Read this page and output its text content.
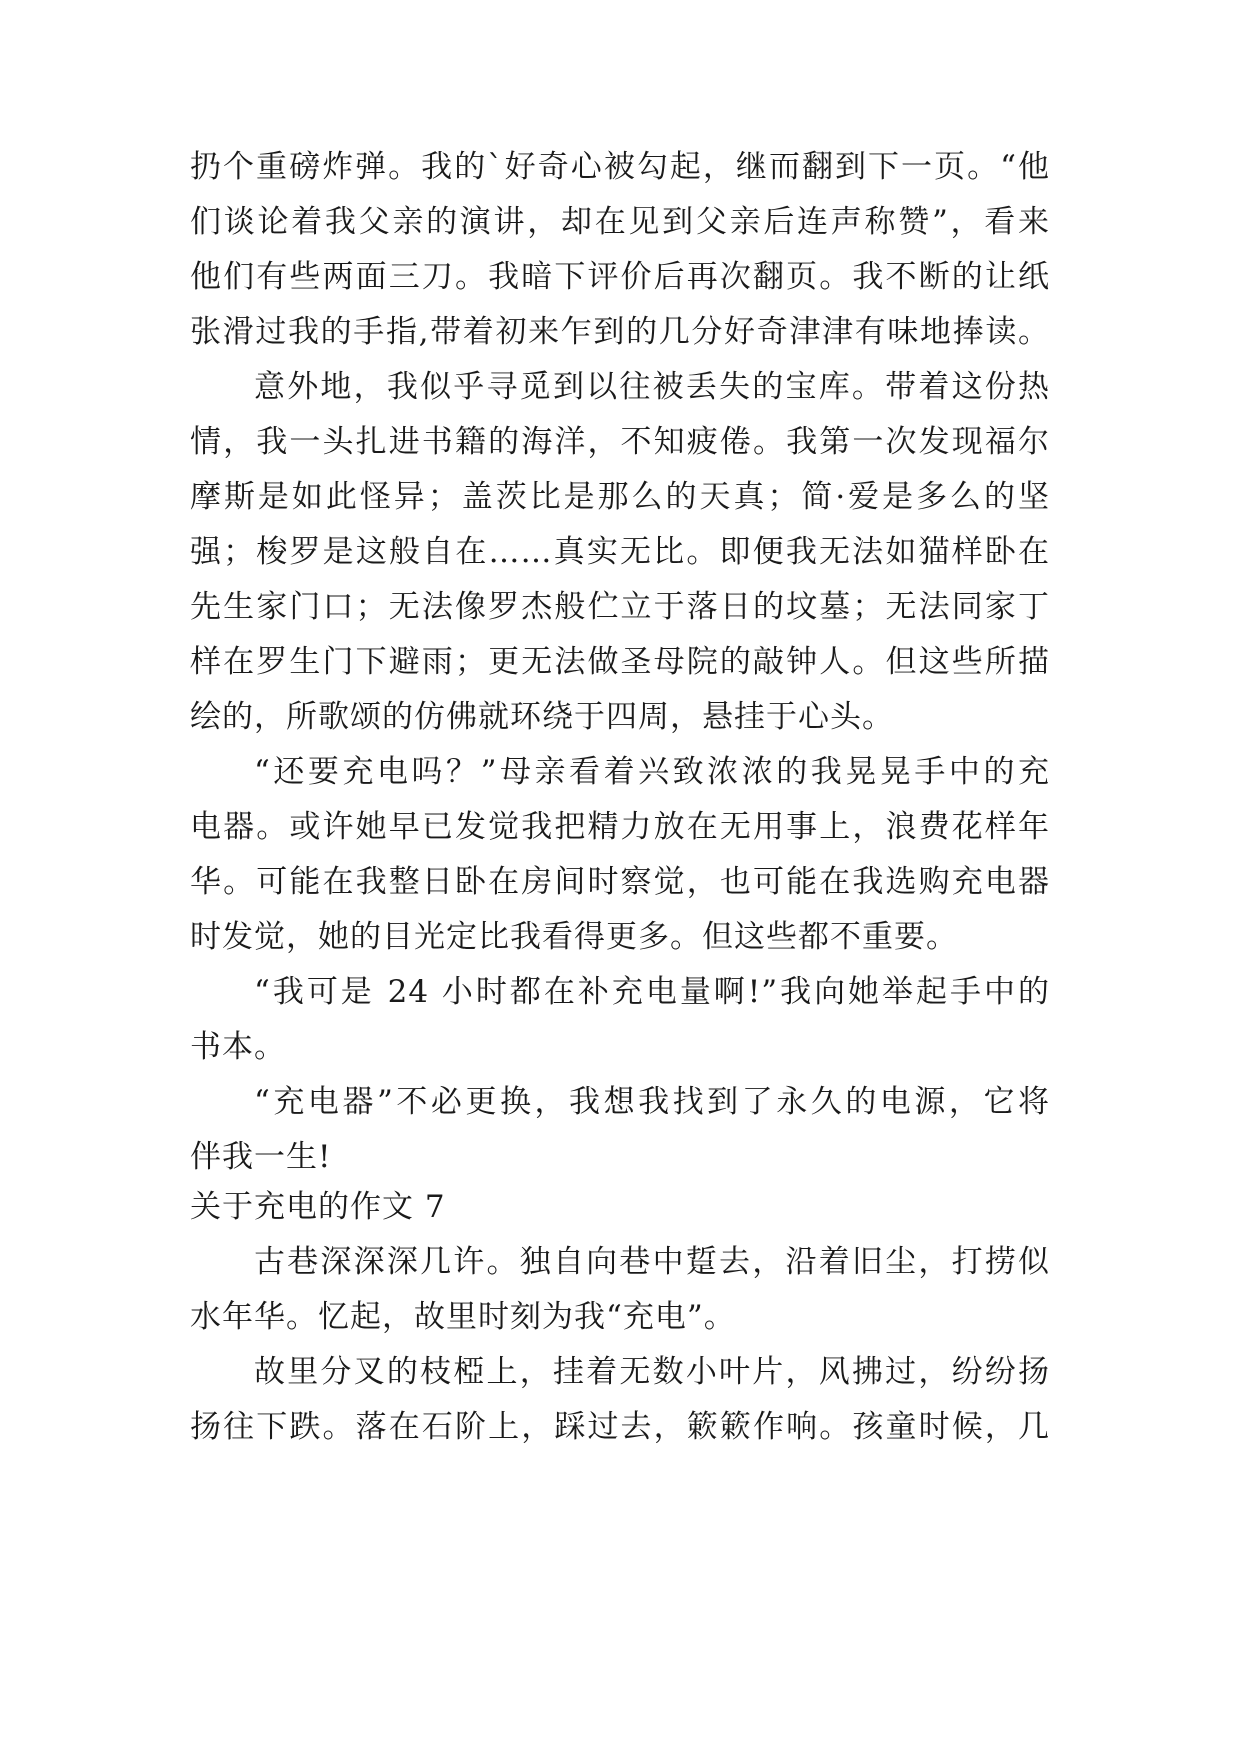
扔个重磅炸弹。我的`好奇心被勾起，继而翻到下一页。“他
们谈论着我父亲的演讲，却在见到父亲后连声称赞”，看来
他们有些两面三刀。我暗下评价后再次翻页。我不断的让纸
张滑过我的手指,带着初来乍到的几分好奇津津有味地捧读。
意外地，我似乎寻觅到以往被丢失的宝库。带着这份热
情，我一头扎进书籍的海洋，不知疲倦。我第一次发现福尔
摩斯是如此怪异；盖茨比是那么的天真；简·爱是多么的坚
强；梭罗是这般自在……真实无比。即便我无法如猫样卧在
先生家门口；无法像罗杰般伫立于落日的坟墓；无法同家丁
样在罗生门下避雨；更无法做圣母院的敲钟人。但这些所描
绘的，所歌颂的仿佛就环绕于四周，悬挂于心头。
“还要充电吗？”母亲看着兴致浓浓的我晃晃手中的充
电器。或许她早已发觉我把精力放在无用事上，浪费花样年
华。可能在我整日卧在房间时察觉，也可能在我选购充电器
时发觉，她的目光定比我看得更多。但这些都不重要。
“我可是 24 小时都在补充电量啊!”我向她举起手中的
书本。
“充电器”不必更换，我想我找到了永久的电源，它将
伴我一生!
关于充电的作文 7
古巷深深深几许。独自向巷中踅去，沿着旧尘，打捞似
水年华。忆起，故里时刻为我“充电”。
故里分叉的枝椏上，挂着无数小叶片，风拂过，纷纷扬
扬往下跌。落在石阶上，踩过去，簌簌作响。孩童时候，几
